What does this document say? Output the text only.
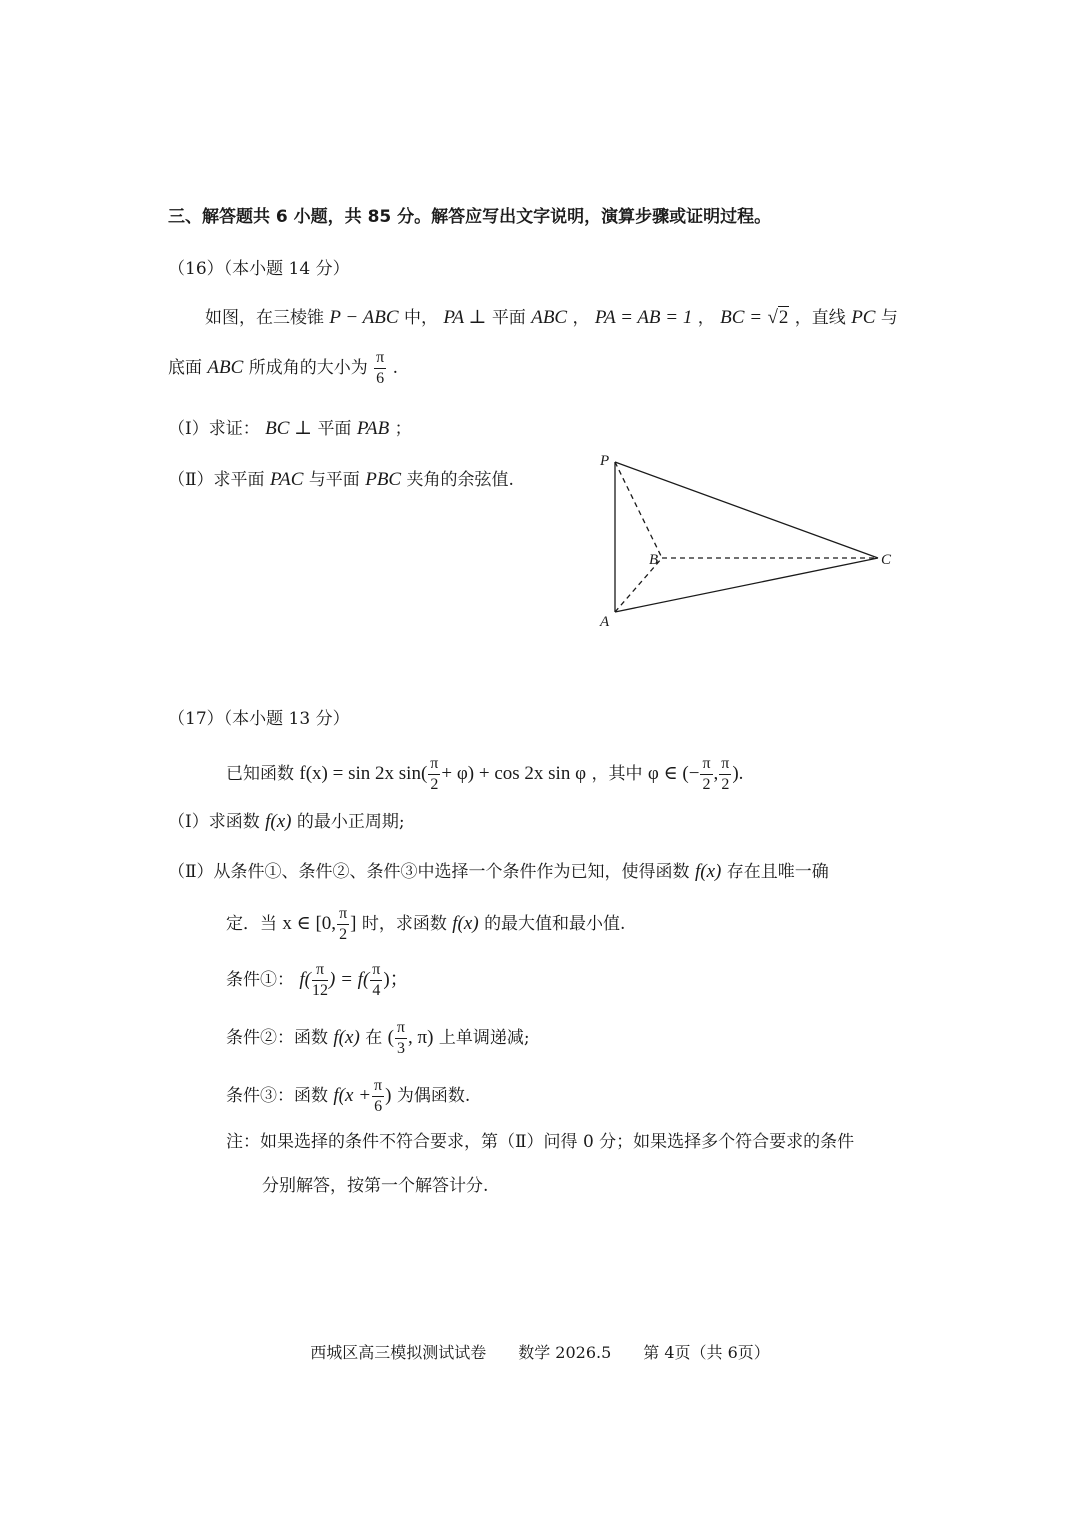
三、解答题共 6 小题，共 85 分。解答应写出文字说明，演算步骤或证明过程。
（16）（本小题 14 分）
如图，在三棱锥 P − ABC 中， PA ⊥ 平面 ABC ， PA = AB = 1 ， BC = √2 ，直线 PC 与
底面 ABC 所成角的大小为 $\frac{\pi}{6}$ .
（Ⅰ）求证： BC ⊥ 平面 PAB ；
（Ⅱ）求平面 PAC 与平面 PBC 夹角的余弦值.
P
A
B	C
（17）（本小题 13 分）
已知函数 f(x) = sin 2x $\sin( \frac{\pi}{2} + \varphi) + \cos 2x$ sin φ ，其中 φ ∈ (− $\frac{\pi}{2}$ , $\frac{\pi}{2}$ ).
（Ⅰ）求函数 f(x) 的最小正周期;
（Ⅱ）从条件①、条件②、条件③中选择一个条件作为已知，使得函数 f(x) 存在且唯一确
定．当 x ∈ [0, $\frac{\pi}{2}$ ] 时，求函数 f(x) 的最大值和最小值.
条件①： $f( \frac{\pi}{12}$ ) = $f( \frac{\pi}{4}$ )；
条件②：函数 f(x) 在 ( $\frac{\pi}{3}$ , π) 上单调递减;
条件③：函数 $f(x + \frac{\pi}{6}$ ) 为偶函数.
注：如果选择的条件不符合要求，第（Ⅱ）问得 0 分；如果选择多个符合要求的条件
分别解答，按第一个解答计分.
西城区高三模拟测试试卷　　数学 2026.5　　第 4页（共 6页）
